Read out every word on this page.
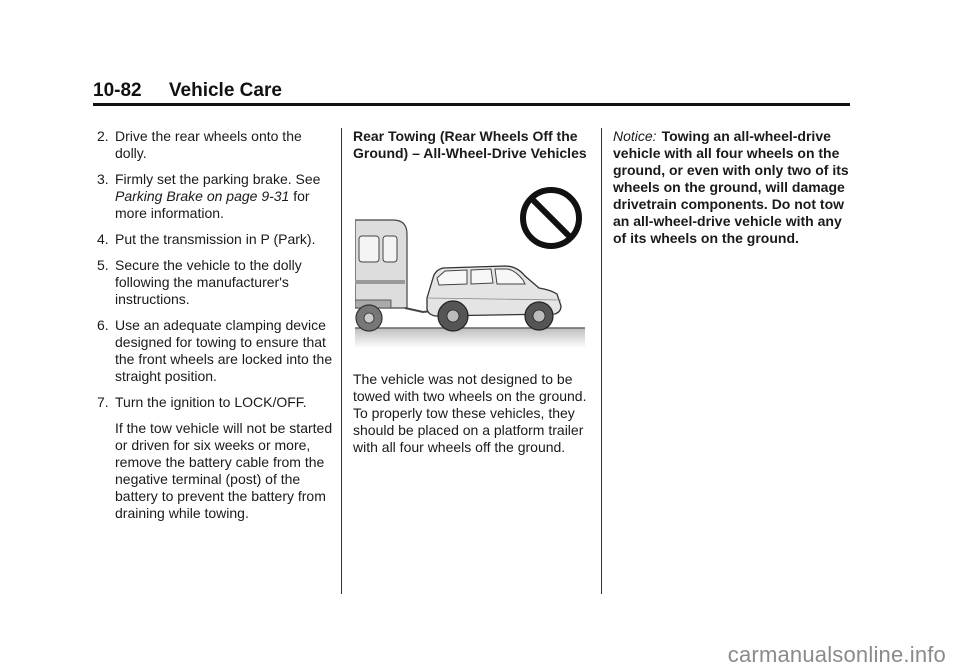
10-82 Vehicle Care
2. Drive the rear wheels onto the dolly.
3. Firmly set the parking brake. See Parking Brake on page 9-31 for more information.
4. Put the transmission in P (Park).
5. Secure the vehicle to the dolly following the manufacturer's instructions.
6. Use an adequate clamping device designed for towing to ensure that the front wheels are locked into the straight position.
7. Turn the ignition to LOCK/OFF.
If the tow vehicle will not be started or driven for six weeks or more, remove the battery cable from the negative terminal (post) of the battery to prevent the battery from draining while towing.
Rear Towing (Rear Wheels Off the Ground) – All-Wheel-Drive Vehicles

The vehicle was not designed to be towed with two wheels on the ground. To properly tow these vehicles, they should be placed on a platform trailer with all four wheels off the ground.

Notice: Towing an all-wheel-drive vehicle with all four wheels on the ground, or even with only two of its wheels on the ground, will damage drivetrain components. Do not tow an all-wheel-drive vehicle with any of its wheels on the ground.

carmanualsonline.info
